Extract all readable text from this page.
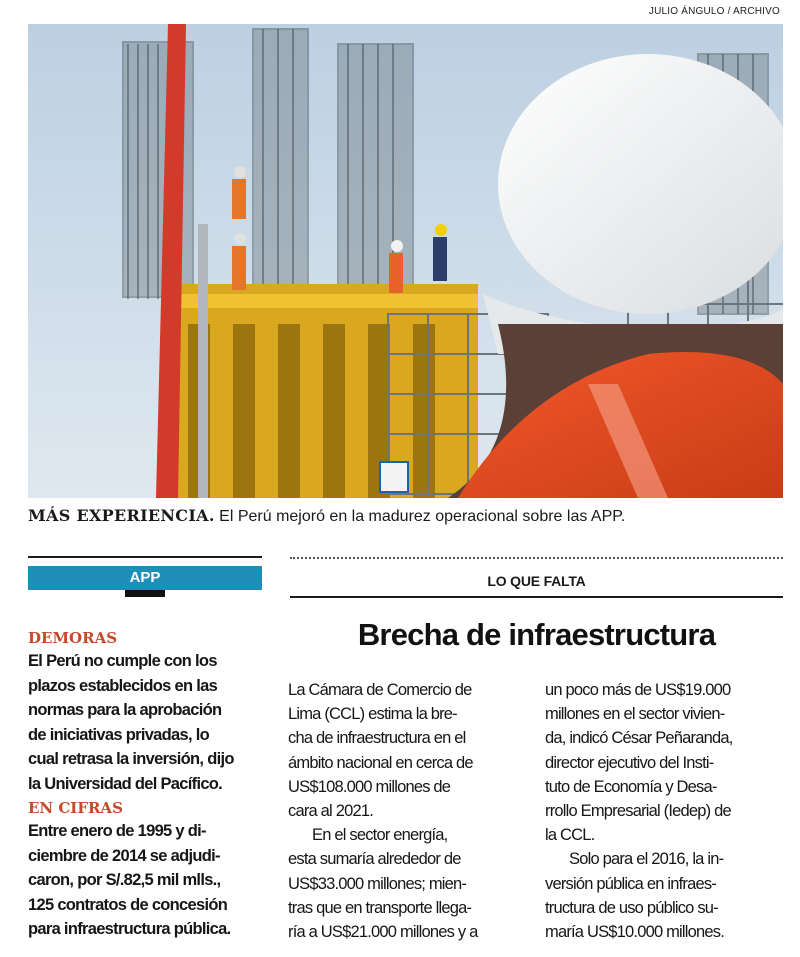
JULIO ÁNGULO / ARCHIVO
MÁS EXPERIENCIA. El Perú mejoró en la madurez operacional sobre las APP.
APP	LO QUE FALTA
Brecha de infraestructura
DEMORAS
El Perú no cumple con los
plazos establecidos en las
normas para la aprobación
de iniciativas privadas, lo
cual retrasa la inversión, dijo
la Universidad del Pacífico.
EN CIFRAS
Entre enero de 1995 y di-
ciembre de 2014 se adjudi-
caron, por S/.82,5 mil mlls.,
125 contratos de concesión
para infraestructura pública.

La Cámara de Comercio de

Lima (CCL) estima la bre-

cha de infraestructura en el

ámbito nacional en cerca de

US$108.000 millones de

cara al 2021.

En el sector energía,

esta sumaría alrededor de

US$33.000 millones; mien-

tras que en transporte llega-

ría a US$21.000 millones y a

un poco más de US$19.000

millones en el sector vivien-

da, indicó César Peñaranda,

director ejecutivo del Insti-

tuto de Economía y Desa-

rrollo Empresarial (Iedep) de

la CCL.

Solo para el 2016, la in-

versión pública en infraes-

tructura de uso público su-

maría US$10.000 millones.
